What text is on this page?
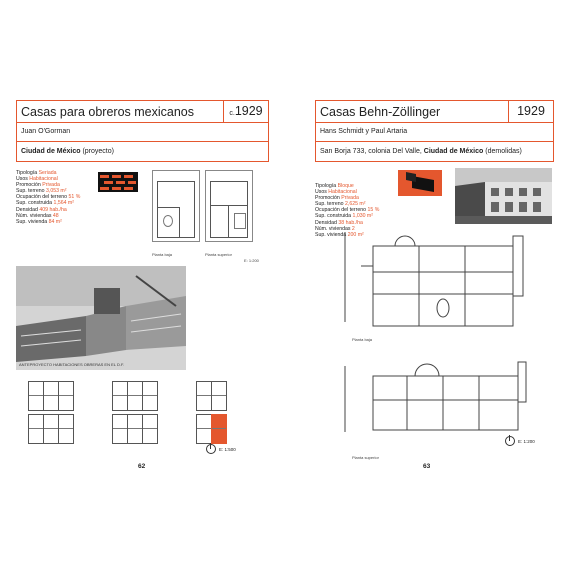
Casas para obreros mexicanos	c.1929
Juan O'Gorman
Ciudad de México (proyecto)
Tipología Seriada
Usos Habitacional
Promoción Privada
Sup. terreno 3,053 m²
Ocupación del terreno 51 %
Sup. construida 1,564 m²
Densidad 409 hab./ha
Núm. viviendas 48
Sup. vivienda 84 m²
Planta baja	Planta superior
E: 1:200
ANTEPROYECTO HABITACIONES OBRERAS EN EL D.F.
E: 1:500
62
Casas Behn-Zöllinger	1929
Hans Schmidt y Paul Artaria
San Borja 733, colonia Del Valle, Ciudad de México (demolidas)
Tipología Bloque
Usos Habitacional
Promoción Privada
Sup. terreno 2,625 m²
Ocupación del terreno 15 %
Sup. construida 1,030 m²
Densidad 38 hab./ha
Núm. viviendas 2
Sup. vivienda 200 m²
Planta baja
E: 1:200
Planta superior
63
